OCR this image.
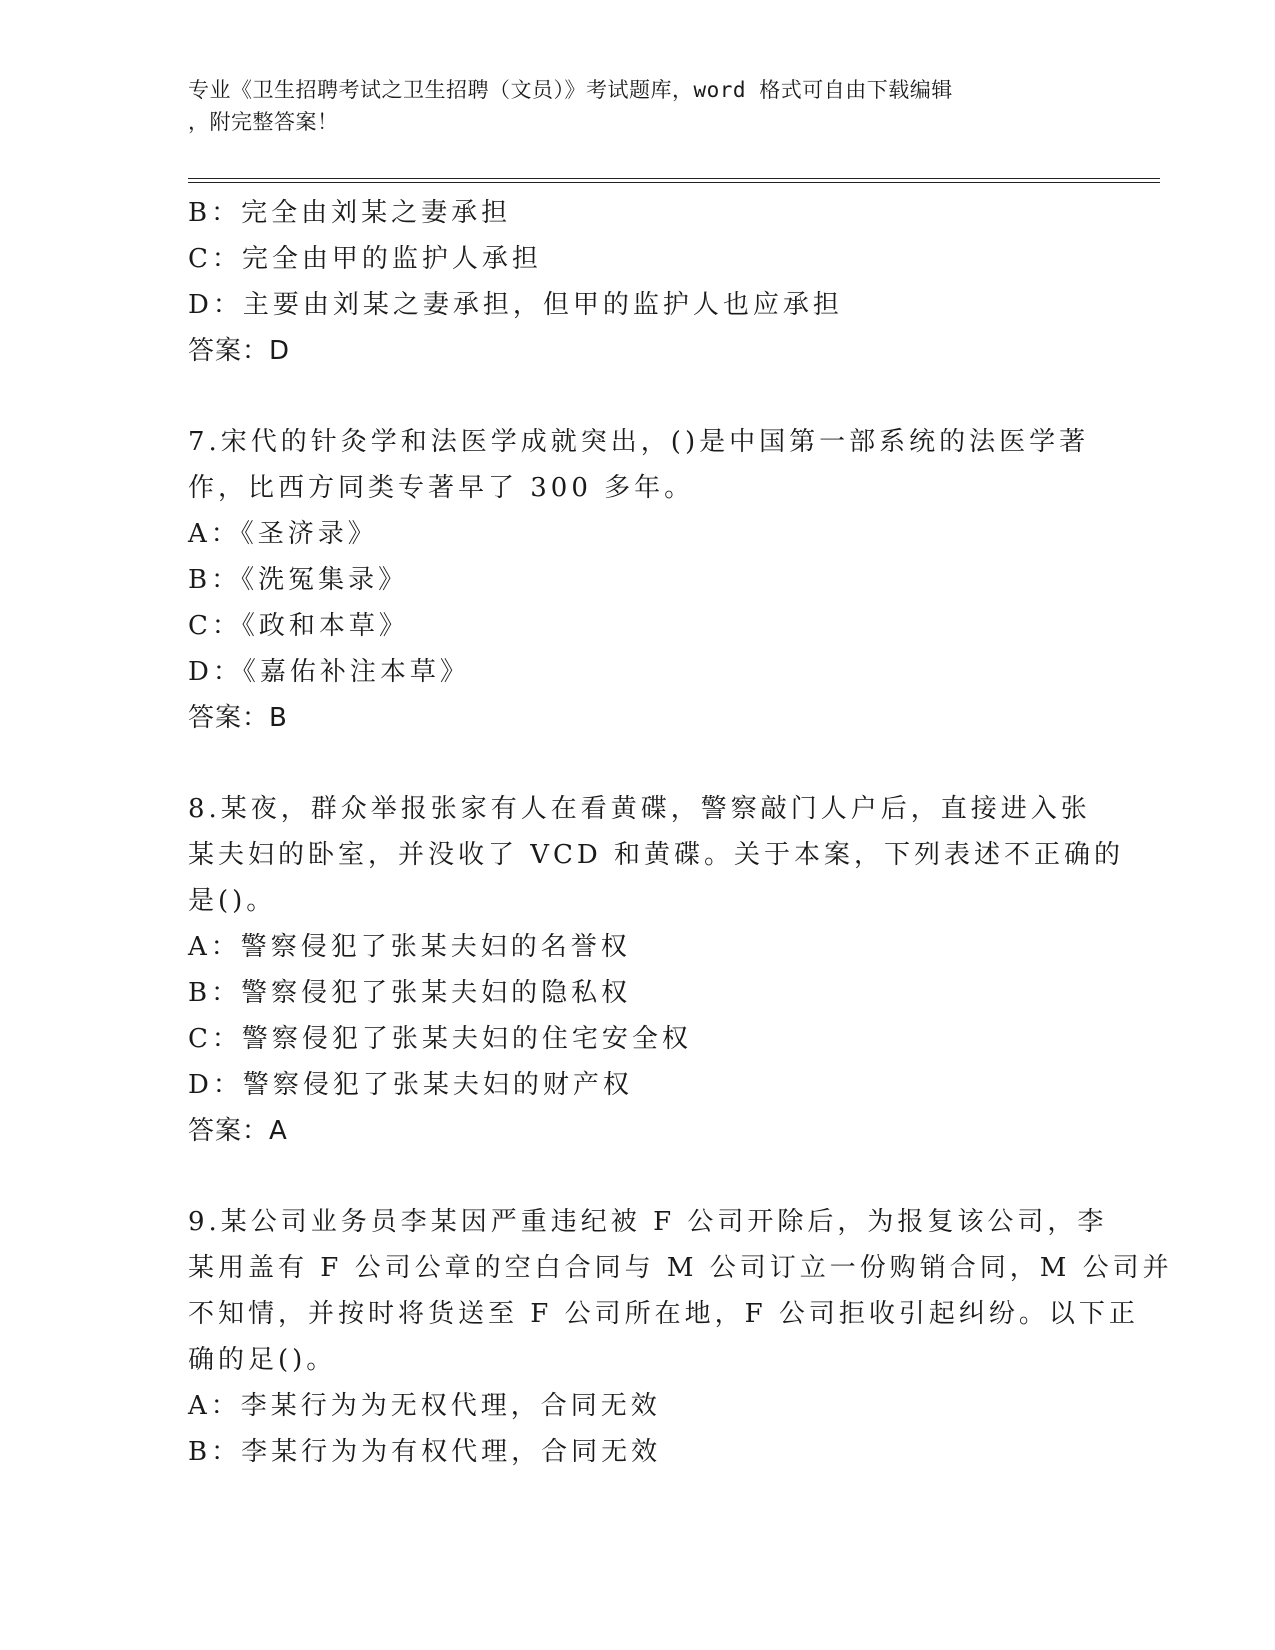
专业《卫生招聘考试之卫生招聘（文员）》考试题库，word 格式可自由下载编辑
，附完整答案！
B：完全由刘某之妻承担
C：完全由甲的监护人承担
D：主要由刘某之妻承担，但甲的监护人也应承担
答案：D
7.宋代的针灸学和法医学成就突出，()是中国第一部系统的法医学著
作，比西方同类专著早了 300 多年。
A：《圣济录》
B：《洗冤集录》
C：《政和本草》
D：《嘉佑补注本草》
答案：B
8.某夜，群众举报张家有人在看黄碟，警察敲门人户后，直接进入张
某夫妇的卧室，并没收了 VCD 和黄碟。关于本案，下列表述不正确的
是()。
A：警察侵犯了张某夫妇的名誉权
B：警察侵犯了张某夫妇的隐私权
C：警察侵犯了张某夫妇的住宅安全权
D：警察侵犯了张某夫妇的财产权
答案：A
9.某公司业务员李某因严重违纪被 F 公司开除后，为报复该公司，李
某用盖有 F 公司公章的空白合同与 M 公司订立一份购销合同，M 公司并
不知情，并按时将货送至 F 公司所在地，F 公司拒收引起纠纷。以下正
确的足()。
A：李某行为为无权代理，合同无效
B：李某行为为有权代理，合同无效
